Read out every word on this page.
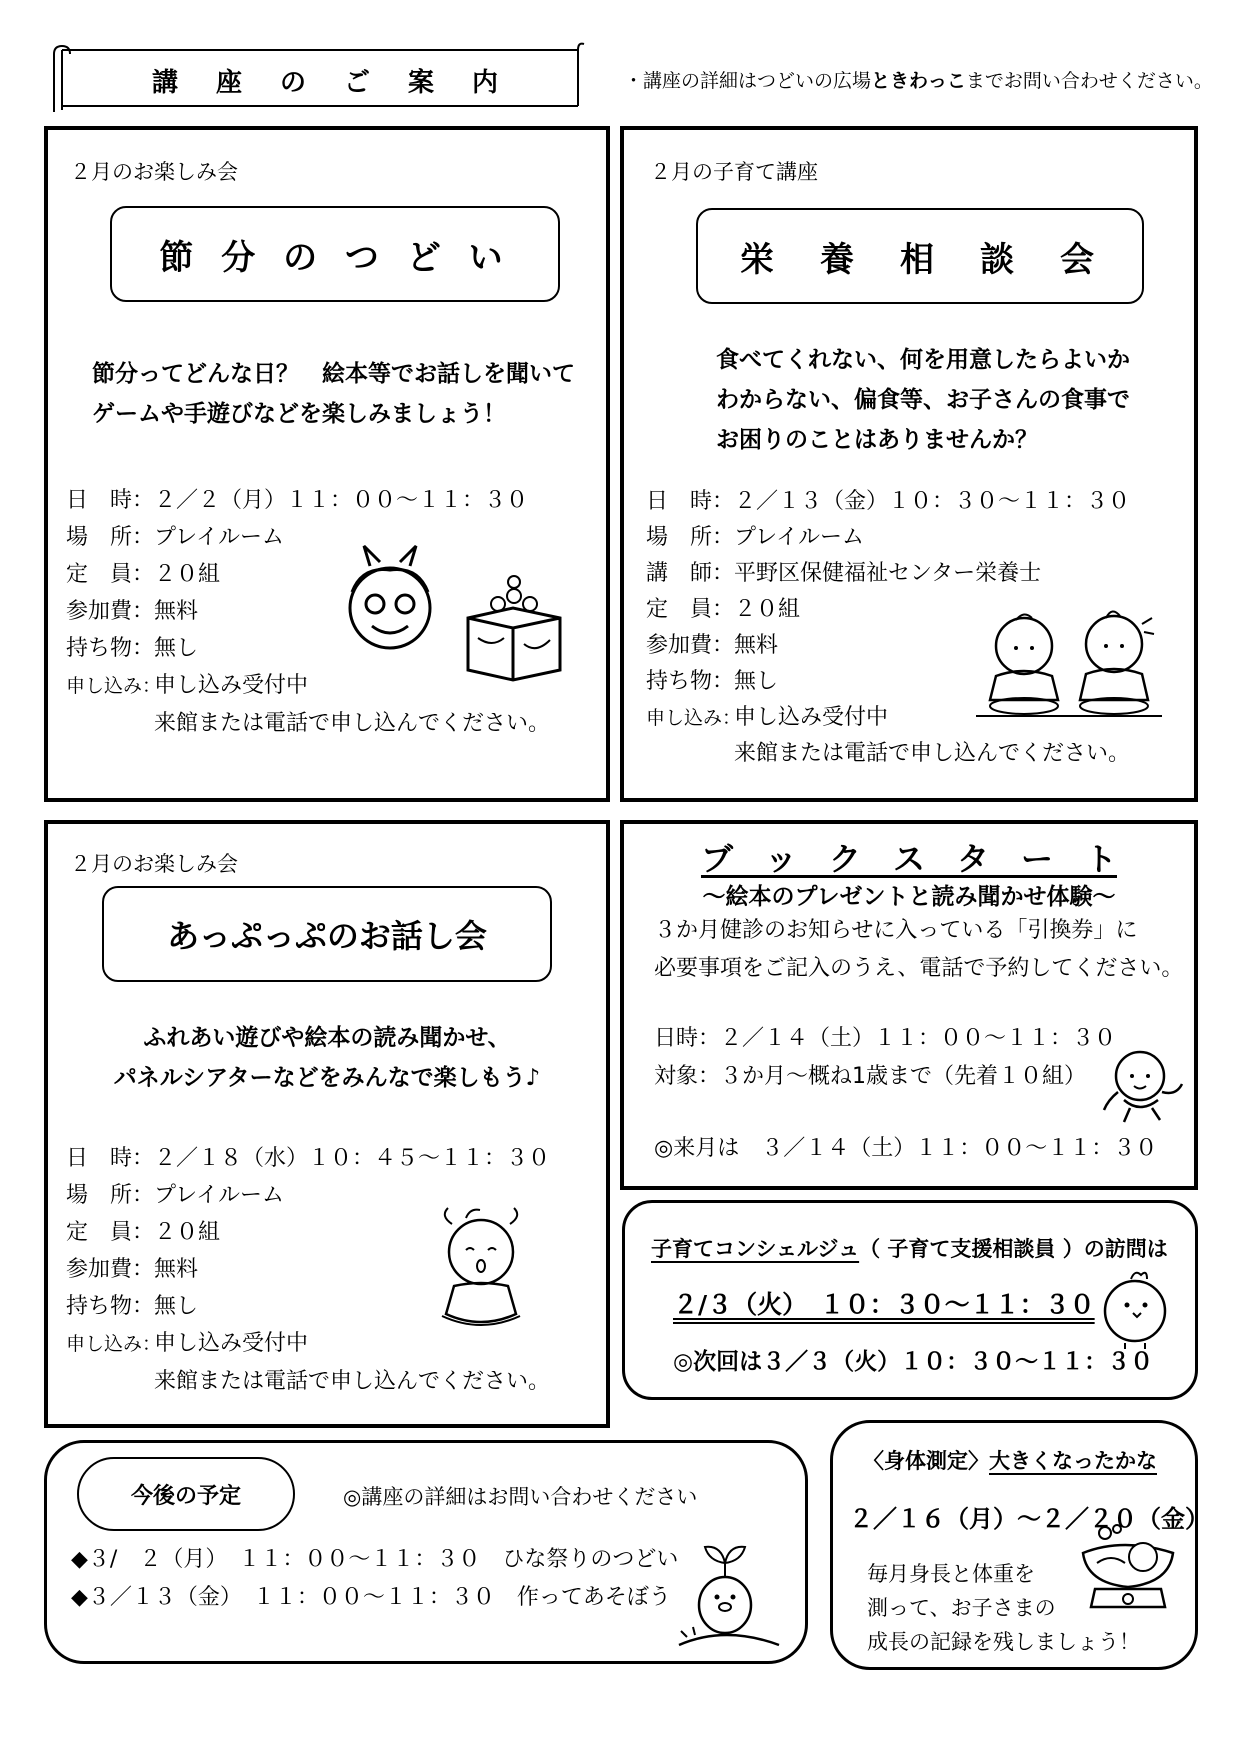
講　座　の　ご　案　内	・講座の詳細はつどいの広場ときわっこまでお問い合わせください。
２月のお楽しみ会
節 分 の つ ど い
節分ってどんな日？　絵本等でお話しを聞いて
ゲームや手遊びなどを楽しみましょう！
日　時：２／２（月）１１：００～１１：３０
場　所：プレイルーム
定　員：２０組
参加費：無料
持ち物：無し
申し込み：申し込み受付中
来館または電話で申し込んでください。
２月の子育て講座
栄　養　相　談　会
食べてくれない、何を用意したらよいか
わからない、偏食等、お子さんの食事で
お困りのことはありませんか？
日　時：２／１３（金）１０：３０～１１：３０
場　所：プレイルーム
講　師：平野区保健福祉センター栄養士
定　員：２０組
参加費：無料
持ち物：無し
申し込み：申し込み受付中
来館または電話で申し込んでください。
２月のお楽しみ会
あっぷっぷのお話し会
ふれあい遊びや絵本の読み聞かせ、
パネルシアターなどをみんなで楽しもう♪
日　時：２／１８（水）１０：４５～１１：３０
場　所：プレイルーム
定　員：２０組
参加費：無料
持ち物：無し
申し込み：申し込み受付中
来館または電話で申し込んでください。
ブ　ッ　ク　ス　タ　ー　ト
～絵本のプレゼントと読み聞かせ体験～
３か月健診のお知らせに入っている「引換券」に
必要事項をご記入のうえ、電話で予約してください。
日時：２／１４（土）１１：００～１１：３０
対象：３か月～概ね1歳まで（先着１０組）
◎来月は　３／１４（土）１１：００～１１：３０
子育てコンシェルジュ（ 子育て支援相談員 ）の訪問は
２/３（火）　１０：３０～１１：３０
◎次回は３／３（火）１０：３０～１１：３０
今後の予定	◎講座の詳細はお問い合わせください
◆３/　２（月）　１１：００～１１：３０　ひな祭りのつどい
◆３／１３（金）　１１：００～１１：３０　作ってあそぼう
〈身体測定〉大きくなったかな
２／１６（月）～２／２０（金）
毎月身長と体重を
測って、お子さまの
成長の記録を残しましょう！
